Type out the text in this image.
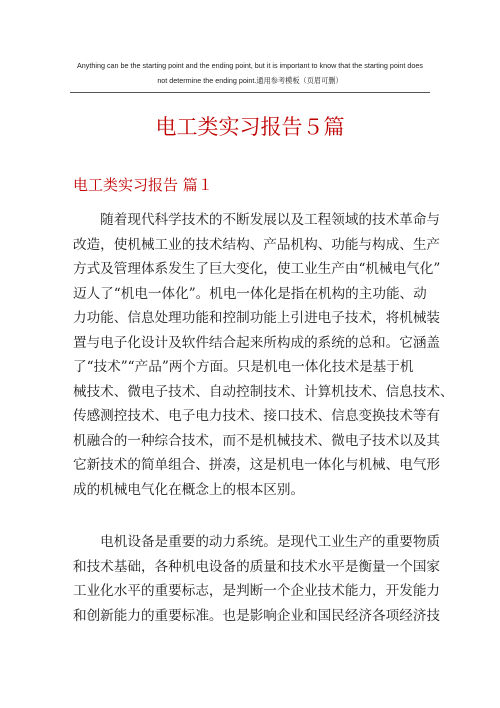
Anything can be the starting point and the ending point, but it is important to know that the starting point does
not determine the ending point.通用参考模板（页眉可删）
电工类实习报告５篇
电工类实习报告 篇１
　　随着现代科学技术的不断发展以及工程领域的技术革命与
改造，使机械工业的技术结构、产品机构、功能与构成、生产
方式及管理体系发生了巨大变化，使工业生产由“机械电气化”
迈人了“机电一体化”。机电一体化是指在机构的主功能、动
力功能、信息处理功能和控制功能上引进电子技术，将机械装
置与电子化设计及软件结合起来所构成的系统的总和。它涵盖
了“技术”“产品”两个方面。只是机电一体化技术是基于机
械技术、微电子技术、自动控制技术、计算机技术、信息技术、
传感测控技术、电子电力技术、接口技术、信息变换技术等有
机融合的一种综合技术，而不是机械技术、微电子技术以及其
它新技术的简单组合、拼凑，这是机电一体化与机械、电气形
成的机械电气化在概念上的根本区别。
　　电机设备是重要的动力系统。是现代工业生产的重要物质
和技术基础，各种机电设备的质量和技术水平是衡量一个国家
工业化水平的重要标志，是判断一个企业技术能力，开发能力
和创新能力的重要标准。也是影响企业和国民经济各项经济技
